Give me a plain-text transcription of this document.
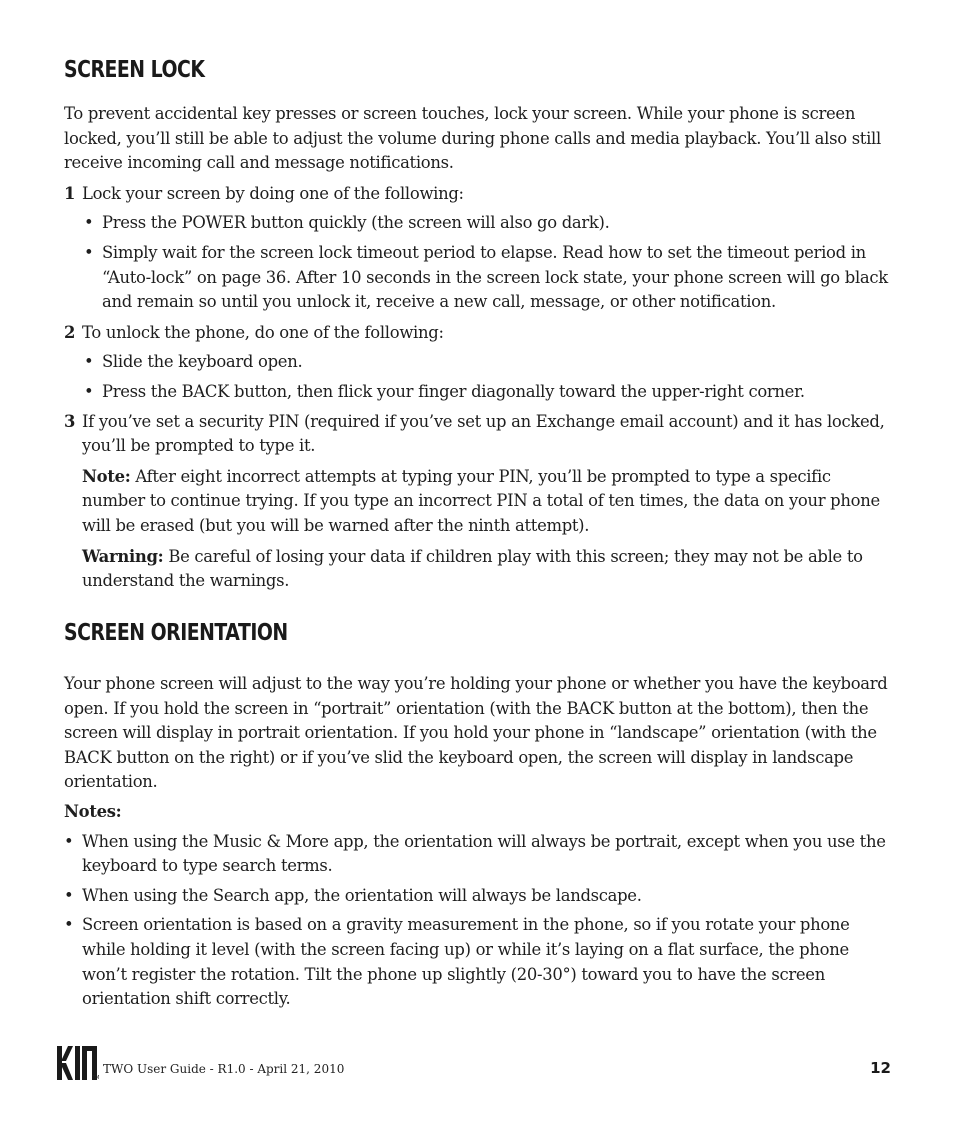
SCREEN LOCK

To prevent accidental key presses or screen touches, lock your screen. While your phone is screen locked, you’ll still be able to adjust the volume during phone calls and media playback. You’ll also still receive incoming call and message notifications.

1 Lock your screen by doing one of the following:
• Press the POWER button quickly (the screen will also go dark).
• Simply wait for the screen lock timeout period to elapse. Read how to set the timeout period in “Auto-lock” on page 36. After 10 seconds in the screen lock state, your phone screen will go black and remain so until you unlock it, receive a new call, message, or other notification.
2 To unlock the phone, do one of the following:
• Slide the keyboard open.
• Press the BACK button, then flick your finger diagonally toward the upper-right corner.
3 If you’ve set a security PIN (required if you’ve set up an Exchange email account) and it has locked, you’ll be prompted to type it.

Note: After eight incorrect attempts at typing your PIN, you’ll be prompted to type a specific number to continue trying. If you type an incorrect PIN a total of ten times, the data on your phone will be erased (but you will be warned after the ninth attempt).

Warning: Be careful of losing your data if children play with this screen; they may not be able to understand the warnings.

SCREEN ORIENTATION

Your phone screen will adjust to the way you’re holding your phone or whether you have the keyboard open. If you hold the screen in “portrait” orientation (with the BACK button at the bottom), then the screen will display in portrait orientation. If you hold your phone in “landscape” orientation (with the BACK button on the right) or if you’ve slid the keyboard open, the screen will display in landscape orientation.

Notes:

• When using the Music & More app, the orientation will always be portrait, except when you use the keyboard to type search terms.
• When using the Search app, the orientation will always be landscape.
• Screen orientation is based on a gravity measurement in the phone, so if you rotate your phone while holding it level (with the screen facing up) or while it’s laying on a flat surface, the phone won’t register the rotation. Tilt the phone up slightly (20-30°) toward you to have the screen orientation shift correctly.
TM
TWO User Guide - R1.0 - April 21, 2010	12
